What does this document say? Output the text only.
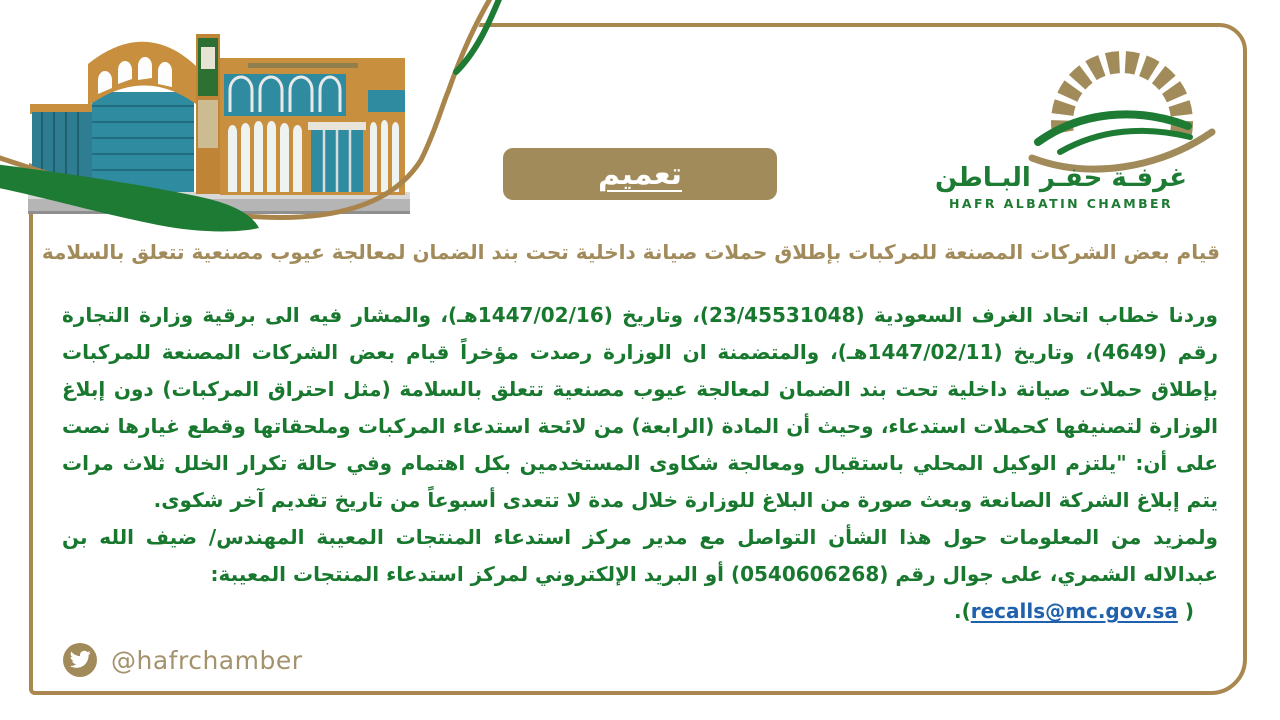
تعميم	غرفـة حفـر البـاطن
HAFR ALBATIN CHAMBER
قيام بعض الشركات المصنعة للمركبات بإطلاق حملات صيانة داخلية تحت بند الضمان لمعالجة عيوب مصنعية تتعلق بالسلامة

وردنا خطاب اتحاد الغرف السعودية (23/45531048)، وتاريخ (1447/02/16هـ)، والمشار فيه الى برقية وزارة التجارة رقم (4649)، وتاريخ (1447/02/11هـ)، والمتضمنة ان الوزارة رصدت مؤخراً قيام بعض الشركات المصنعة للمركبات بإطلاق حملات صيانة داخلية تحت بند الضمان لمعالجة عيوب مصنعية تتعلق بالسلامة (مثل احتراق المركبات) دون إبلاغ الوزارة لتصنيفها كحملات استدعاء، وحيث أن المادة (الرابعة) من لائحة استدعاء المركبات وملحقاتها وقطع غيارها نصت على أن: "يلتزم الوكيل المحلي باستقبال ومعالجة شكاوى المستخدمين بكل اهتمام وفي حالة تكرار الخلل ثلاث مرات يتم إبلاغ الشركة الصانعة وبعث صورة من البلاغ للوزارة خلال مدة لا تتعدى أسبوعاً من تاريخ تقديم آخر شكوى.

ولمزيد من المعلومات حول هذا الشأن التواصل مع مدير مركز استدعاء المنتجات المعيبة المهندس/ ضيف الله بن عبدالاله الشمري، على جوال رقم (0540606268) أو البريد الإلكتروني لمركز استدعاء المنتجات المعيبة:

.(recalls@mc.gov.sa )
@hafrchamber
